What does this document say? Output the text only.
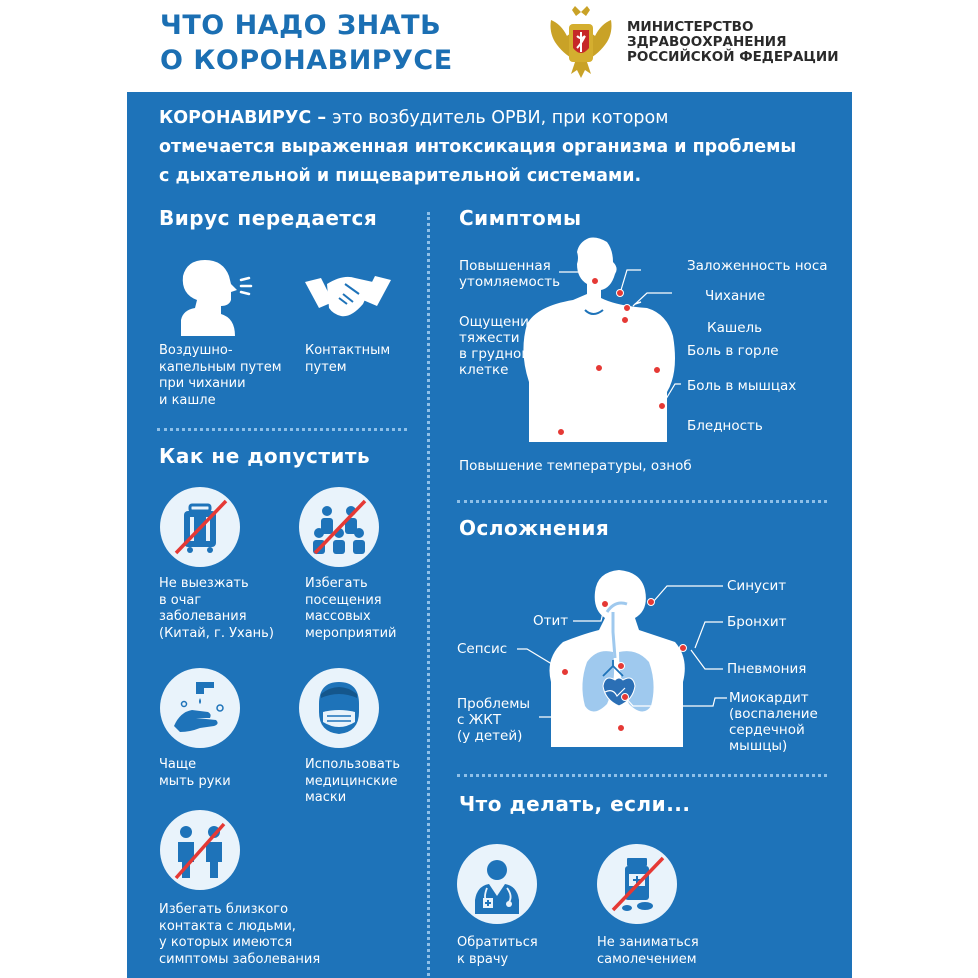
ЧТО НАДО ЗНАТЬ
О КОРОНАВИРУСЕ
МИНИСТЕРСТВО
ЗДРАВООХРАНЕНИЯ
РОССИЙСКОЙ ФЕДЕРАЦИИ
КОРОНАВИРУС – это возбудитель ОРВИ, при котором
отмечается выраженная интоксикация организма и проблемы
с дыхательной и пищеварительной системами.
Вирус передается
Воздушно-
капельным путем
при чихании
и кашле
Контактным
путем
Как не допустить
Не выезжать
в очаг
заболевания
(Китай, г. Ухань)
Избегать
посещения
массовых
мероприятий
Чаще
мыть руки
Использовать
медицинские
маски
Избегать близкого
контакта с людьми,
у которых имеются
симптомы заболевания
Симптомы
Повышенная
утомляемость
Ощущение
тяжести
в грудной
клетке
Заложенность носа
Чихание
Кашель
Боль в горле
Боль в мышцах
Бледность
Повышение температуры, озноб
Осложнения
Синусит
Отит	Бронхит
Сепсис
Пневмония
Проблемы
с ЖКТ
(у детей)
Миокардит
(воспаление
сердечной
мышцы)
Что делать, если...
Обратиться
к врачу
Не заниматься
самолечением
